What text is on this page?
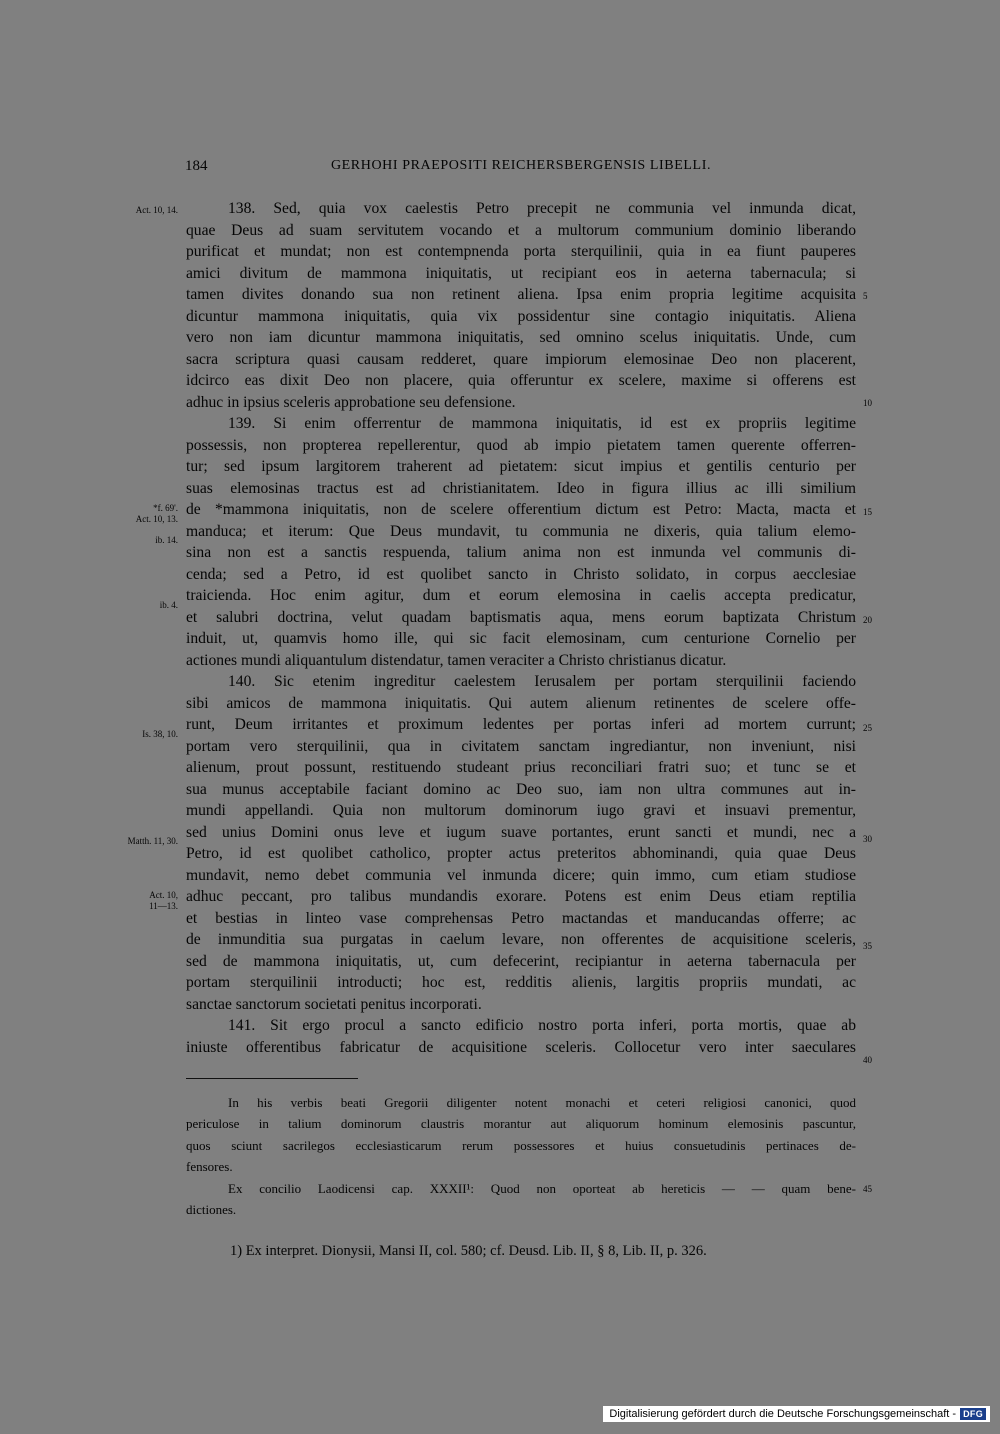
184	GERHOHI PRAEPOSITI REICHERSBERGENSIS LIBELLI.
138. Sed, quia vox caelestis Petro precepit ne communia vel inmunda dicat,
quae Deus ad suam servitutem vocando et a multorum communium dominio liberando
purificat et mundat; non est contempnenda porta sterquilinii, quia in ea fiunt pauperes
amici divitum de mammona iniquitatis, ut recipiant eos in aeterna tabernacula; si
tamen divites donando sua non retinent aliena. Ipsa enim propria legitime acquisita
dicuntur mammona iniquitatis, quia vix possidentur sine contagio iniquitatis. Aliena
vero non iam dicuntur mammona iniquitatis, sed omnino scelus iniquitatis. Unde, cum
sacra scriptura quasi causam redderet, quare impiorum elemosinae Deo non placerent,
idcirco eas dixit Deo non placere, quia offeruntur ex scelere, maxime si offerens est
adhuc in ipsius sceleris approbatione seu defensione.
139. Si enim offerrentur de mammona iniquitatis, id est ex propriis legitime
possessis, non propterea repellerentur, quod ab impio pietatem tamen querente offerren-
tur; sed ipsum largitorem traherent ad pietatem: sicut impius et gentilis centurio per
suas elemosinas tractus est ad christianitatem. Ideo in figura illius ac illi similium
de *mammona iniquitatis, non de scelere offerentium dictum est Petro: Macta, macta et
manduca; et iterum: Que Deus mundavit, tu communia ne dixeris, quia talium elemo-
sina non est a sanctis respuenda, talium anima non est inmunda vel communis di-
cenda; sed a Petro, id est quolibet sancto in Christo solidato, in corpus aecclesiae
traicienda. Hoc enim agitur, dum et eorum elemosina in caelis accepta predicatur,
et salubri doctrina, velut quadam baptismatis aqua, mens eorum baptizata Christum
induit, ut, quamvis homo ille, qui sic facit elemosinam, cum centurione Cornelio per
actiones mundi aliquantulum distendatur, tamen veraciter a Christo christianus dicatur.
140. Sic etenim ingreditur caelestem Ierusalem per portam sterquilinii faciendo
sibi amicos de mammona iniquitatis. Qui autem alienum retinentes de scelere offe-
runt, Deum irritantes et proximum ledentes per portas inferi ad mortem currunt;
portam vero sterquilinii, qua in civitatem sanctam ingrediantur, non inveniunt, nisi
alienum, prout possunt, restituendo studeant prius reconciliari fratri suo; et tunc se et
sua munus acceptabile faciant domino ac Deo suo, iam non ultra communes aut in-
mundi appellandi. Quia non multorum dominorum iugo gravi et insuavi prementur,
sed unius Domini onus leve et iugum suave portantes, erunt sancti et mundi, nec a
Petro, id est quolibet catholico, propter actus preteritos abhominandi, quia quae Deus
mundavit, nemo debet communia vel inmunda dicere; quin immo, cum etiam studiose
adhuc peccant, pro talibus mundandis exorare. Potens est enim Deus etiam reptilia
et bestias in linteo vase comprehensas Petro mactandas et manducandas offerre; ac
de inmunditia sua purgatas in caelum levare, non offerentes de acquisitione sceleris,
sed de mammona iniquitatis, ut, cum defecerint, recipiantur in aeterna tabernacula per
portam sterquilinii introducti; hoc est, redditis alienis, largitis propriis mundati, ac
sanctae sanctorum societati penitus incorporati.
141. Sit ergo procul a sancto edificio nostro porta inferi, porta mortis, quae ab
iniuste offerentibus fabricatur de acquisitione sceleris. Collocetur vero inter saeculares
Act. 10, 14.
*f. 69'.
Act. 10, 13.
ib. 14.
ib. 4.
Is. 38, 10.
Matth. 11, 30.
Act. 10,
11—13.
5
10
15
20
25
30
35
40
45
In his verbis beati Gregorii diligenter notent monachi et ceteri religiosi canonici, quod
periculose in talium dominorum claustris morantur aut aliquorum hominum elemosinis pascuntur,
quos sciunt sacrilegos ecclesiasticarum rerum possessores et huius consuetudinis pertinaces de-
fensores.
Ex concilio Laodicensi cap. XXXII¹: Quod non oporteat ab hereticis — — quam bene-
dictiones.
1) Ex interpret. Dionysii, Mansi II, col. 580; cf. Deusd. Lib. II, § 8, Lib. II, p. 326.
Digitalisierung gefördert durch die Deutsche Forschungsgemeinschaft - DFG
